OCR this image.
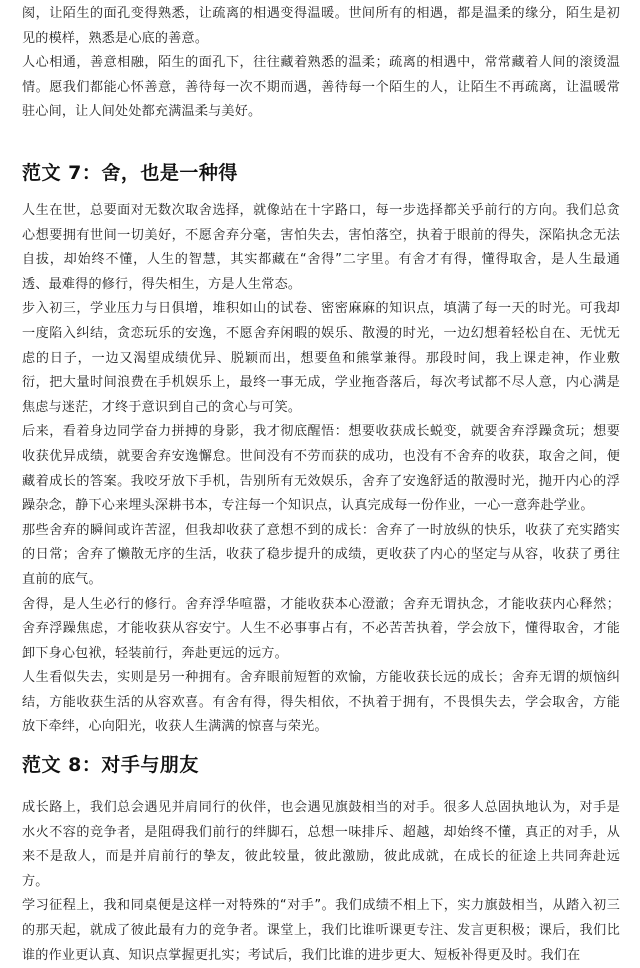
阂，让陌生的面孔变得熟悉，让疏离的相遇变得温暖。世间所有的相遇，都是温柔的缘分，陌生是初见的模样，熟悉是心底的善意。

人心相通，善意相融，陌生的面孔下，往往藏着熟悉的温柔；疏离的相遇中，常常藏着人间的滚烫温情。愿我们都能心怀善意，善待每一次不期而遇，善待每一个陌生的人，让陌生不再疏离，让温暖常驻心间，让人间处处都充满温柔与美好。

范文 7：舍，也是一种得

人生在世，总要面对无数次取舍选择，就像站在十字路口，每一步选择都关乎前行的方向。我们总贪心想要拥有世间一切美好，不愿舍弃分毫，害怕失去，害怕落空，执着于眼前的得失，深陷执念无法自拔，却始终不懂，人生的智慧，其实都藏在“舍得”二字里。有舍才有得，懂得取舍，是人生最通透、最难得的修行，得失相生，方是人生常态。

步入初三，学业压力与日俱增，堆积如山的试卷、密密麻麻的知识点，填满了每一天的时光。可我却一度陷入纠结，贪恋玩乐的安逸，不愿舍弃闲暇的娱乐、散漫的时光，一边幻想着轻松自在、无忧无虑的日子，一边又渴望成绩优异、脱颖而出，想要鱼和熊掌兼得。那段时间，我上课走神，作业敷衍，把大量时间浪费在手机娱乐上，最终一事无成，学业拖沓落后，每次考试都不尽人意，内心满是焦虑与迷茫，才终于意识到自己的贪心与可笑。

后来，看着身边同学奋力拼搏的身影，我才彻底醒悟：想要收获成长蜕变，就要舍弃浮躁贪玩；想要收获优异成绩，就要舍弃安逸懈怠。世间没有不劳而获的成功，也没有不舍弃的收获，取舍之间，便藏着成长的答案。我咬牙放下手机，告别所有无效娱乐，舍弃了安逸舒适的散漫时光，抛开内心的浮躁杂念，静下心来埋头深耕书本，专注每一个知识点，认真完成每一份作业，一心一意奔赴学业。

那些舍弃的瞬间或许苦涩，但我却收获了意想不到的成长：舍弃了一时放纵的快乐，收获了充实踏实的日常；舍弃了懒散无序的生活，收获了稳步提升的成绩，更收获了内心的坚定与从容，收获了勇往直前的底气。

舍得，是人生必行的修行。舍弃浮华喧嚣，才能收获本心澄澈；舍弃无谓执念，才能收获内心释然；舍弃浮躁焦虑，才能收获从容安宁。人生不必事事占有，不必苦苦执着，学会放下，懂得取舍，才能卸下身心包袱，轻装前行，奔赴更远的远方。

人生看似失去，实则是另一种拥有。舍弃眼前短暂的欢愉，方能收获长远的成长；舍弃无谓的烦恼纠结，方能收获生活的从容欢喜。有舍有得，得失相依，不执着于拥有，不畏惧失去，学会取舍，方能放下牵绊，心向阳光，收获人生满满的惊喜与荣光。

范文 8：对手与朋友

成长路上，我们总会遇见并肩同行的伙伴，也会遇见旗鼓相当的对手。很多人总固执地认为，对手是水火不容的竞争者，是阻碍我们前行的绊脚石，总想一味排斥、超越，却始终不懂，真正的对手，从来不是敌人，而是并肩前行的挚友，彼此较量，彼此激励，彼此成就，在成长的征途上共同奔赴远方。

学习征程上，我和同桌便是这样一对特殊的“对手”。我们成绩不相上下，实力旗鼓相当，从踏入初三的那天起，就成了彼此最有力的竞争者。课堂上，我们比谁听课更专注、发言更积极；课后，我们比谁的作业更认真、知识点掌握更扎实；考试后，我们比谁的进步更大、短板补得更及时。我们在
